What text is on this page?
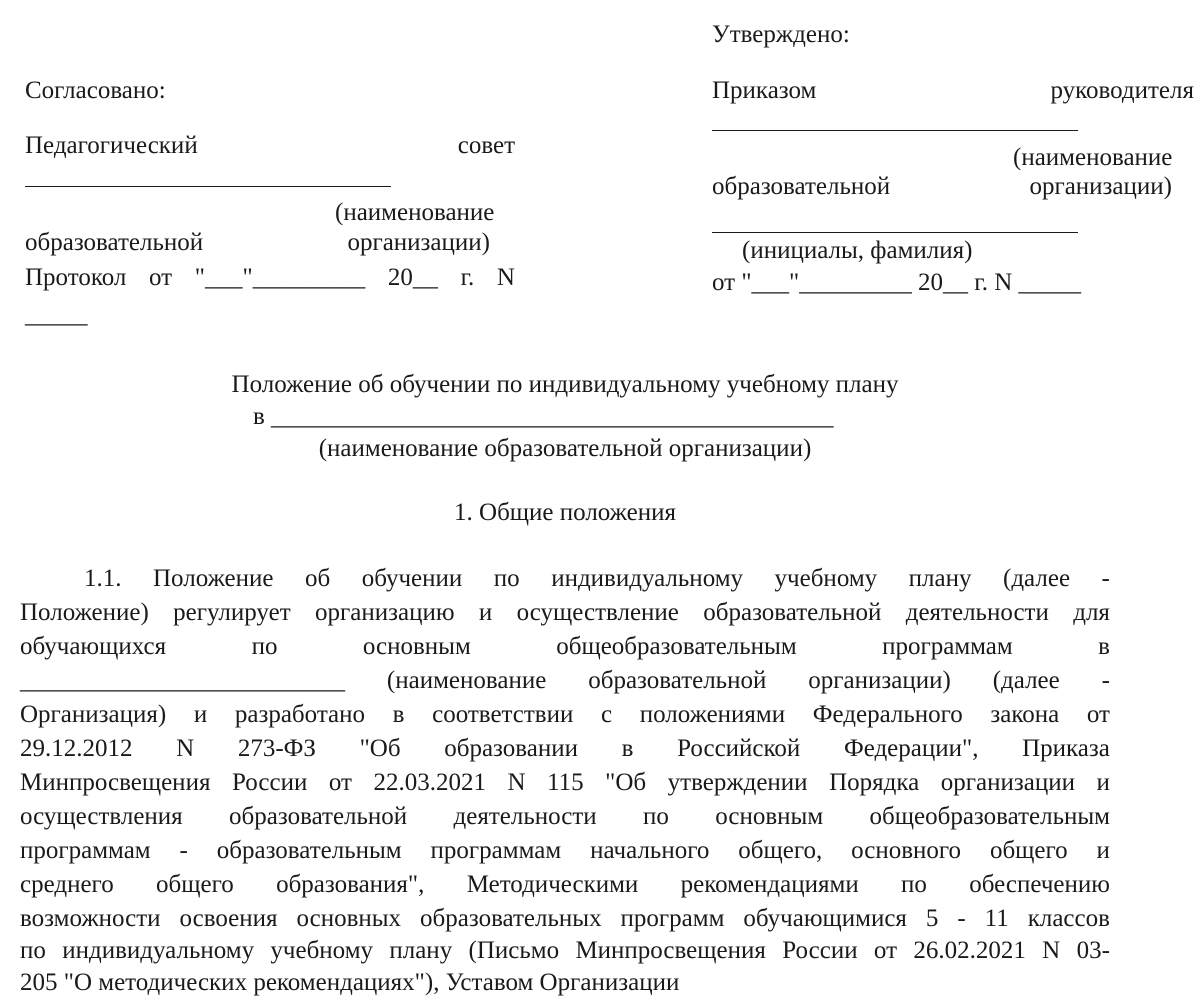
Утверждено:
Приказом	руководителя
(наименование
образовательной	организации)
(инициалы, фамилия)
от "___"_________ 20__ г. N _____
Согласовано:
Педагогический	совет
(наименование
образовательной	организации)
Протокол от "___"_________ 20__ г. N
_____
Положение об обучении по индивидуальному учебному плану
в _____________________________________________
(наименование образовательной организации)
1. Общие положения
1.1. Положение об обучении по индивидуальному учебному плану (далее -
Положение) регулирует организацию и осуществление образовательной деятельности для
обучающихся	по	основным	общеобразовательным	программам	в
__________________________ (наименование образовательной организации) (далее -
Организация) и разработано в соответствии с положениями Федерального закона от
29.12.2012 N 273-ФЗ "Об образовании в Российской Федерации", Приказа
Минпросвещения России от 22.03.2021 N 115 "Об утверждении Порядка организации и
осуществления образовательной деятельности по основным общеобразовательным
программам - образовательным программам начального общего, основного общего и
среднего общего образования", Методическими рекомендациями по обеспечению
возможности освоения основных образовательных программ обучающимися 5 - 11 классов
по индивидуальному учебному плану (Письмо Минпросвещения России от 26.02.2021 N 03-
205 "О методических рекомендациях"), Уставом Организации
